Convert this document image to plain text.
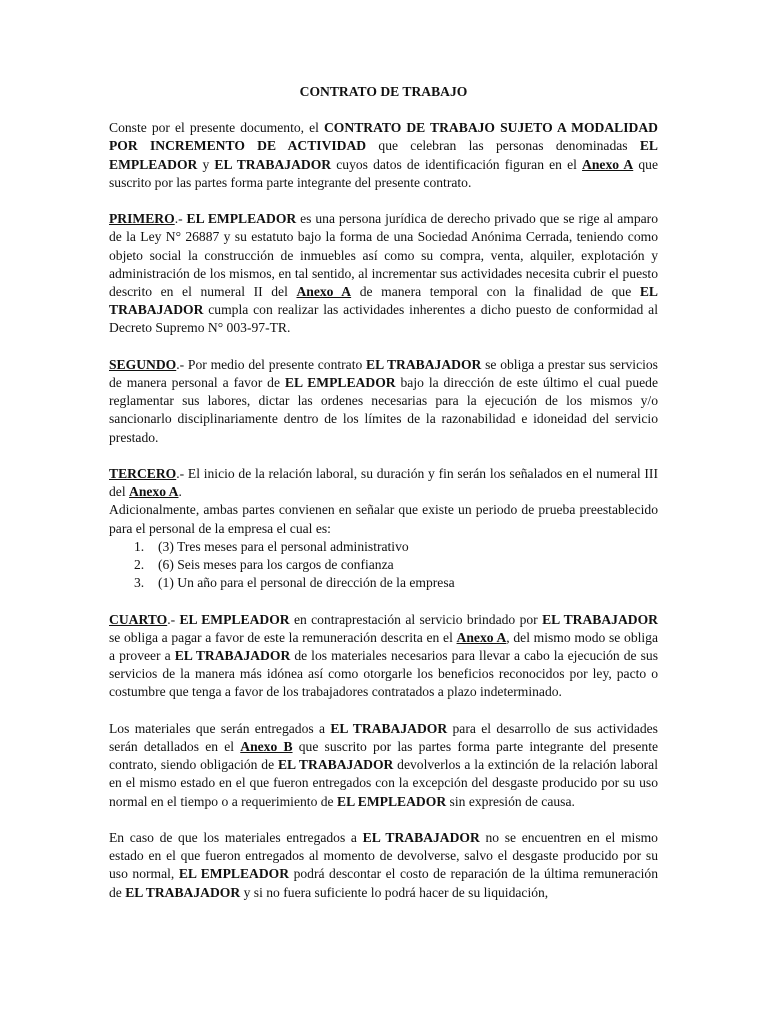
CONTRATO DE TRABAJO

Conste por el presente documento, el CONTRATO DE TRABAJO SUJETO A MODALIDAD POR INCREMENTO DE ACTIVIDAD que celebran las personas denominadas EL EMPLEADOR y EL TRABAJADOR cuyos datos de identificación figuran en el Anexo A que suscrito por las partes forma parte integrante del presente contrato.

PRIMERO.- EL EMPLEADOR es una persona jurídica de derecho privado que se rige al amparo de la Ley N° 26887 y su estatuto bajo la forma de una Sociedad Anónima Cerrada, teniendo como objeto social la construcción de inmuebles así como su compra, venta, alquiler, explotación y administración de los mismos, en tal sentido, al incrementar sus actividades necesita cubrir el puesto descrito en el numeral II del Anexo A de manera temporal con la finalidad de que EL TRABAJADOR cumpla con realizar las actividades inherentes a dicho puesto de conformidad al Decreto Supremo N° 003-97-TR.

SEGUNDO.- Por medio del presente contrato EL TRABAJADOR se obliga a prestar sus servicios de manera personal a favor de EL EMPLEADOR bajo la dirección de este último el cual puede reglamentar sus labores, dictar las ordenes necesarias para la ejecución de los mismos y/o sancionarlo disciplinariamente dentro de los límites de la razonabilidad e idoneidad del servicio prestado.

TERCERO.- El inicio de la relación laboral, su duración y fin serán los señalados en el numeral III del Anexo A.

Adicionalmente, ambas partes convienen en señalar que existe un periodo de prueba preestablecido para el personal de la empresa el cual es:

1. (3) Tres meses para el personal administrativo
2. (6) Seis meses para los cargos de confianza
3. (1) Un año para el personal de dirección de la empresa

CUARTO.- EL EMPLEADOR en contraprestación al servicio brindado por EL TRABAJADOR se obliga a pagar a favor de este la remuneración descrita en el Anexo A, del mismo modo se obliga a proveer a EL TRABAJADOR de los materiales necesarios para llevar a cabo la ejecución de sus servicios de la manera más idónea así como otorgarle los beneficios reconocidos por ley, pacto o costumbre que tenga a favor de los trabajadores contratados a plazo indeterminado.

Los materiales que serán entregados a EL TRABAJADOR para el desarrollo de sus actividades serán detallados en el Anexo B que suscrito por las partes forma parte integrante del presente contrato, siendo obligación de EL TRABAJADOR devolverlos a la extinción de la relación laboral en el mismo estado en el que fueron entregados con la excepción del desgaste producido por su uso normal en el tiempo o a requerimiento de EL EMPLEADOR sin expresión de causa.

En caso de que los materiales entregados a EL TRABAJADOR no se encuentren en el mismo estado en el que fueron entregados al momento de devolverse, salvo el desgaste producido por su uso normal, EL EMPLEADOR podrá descontar el costo de reparación de la última remuneración de EL TRABAJADOR y si no fuera suficiente lo podrá hacer de su liquidación,
